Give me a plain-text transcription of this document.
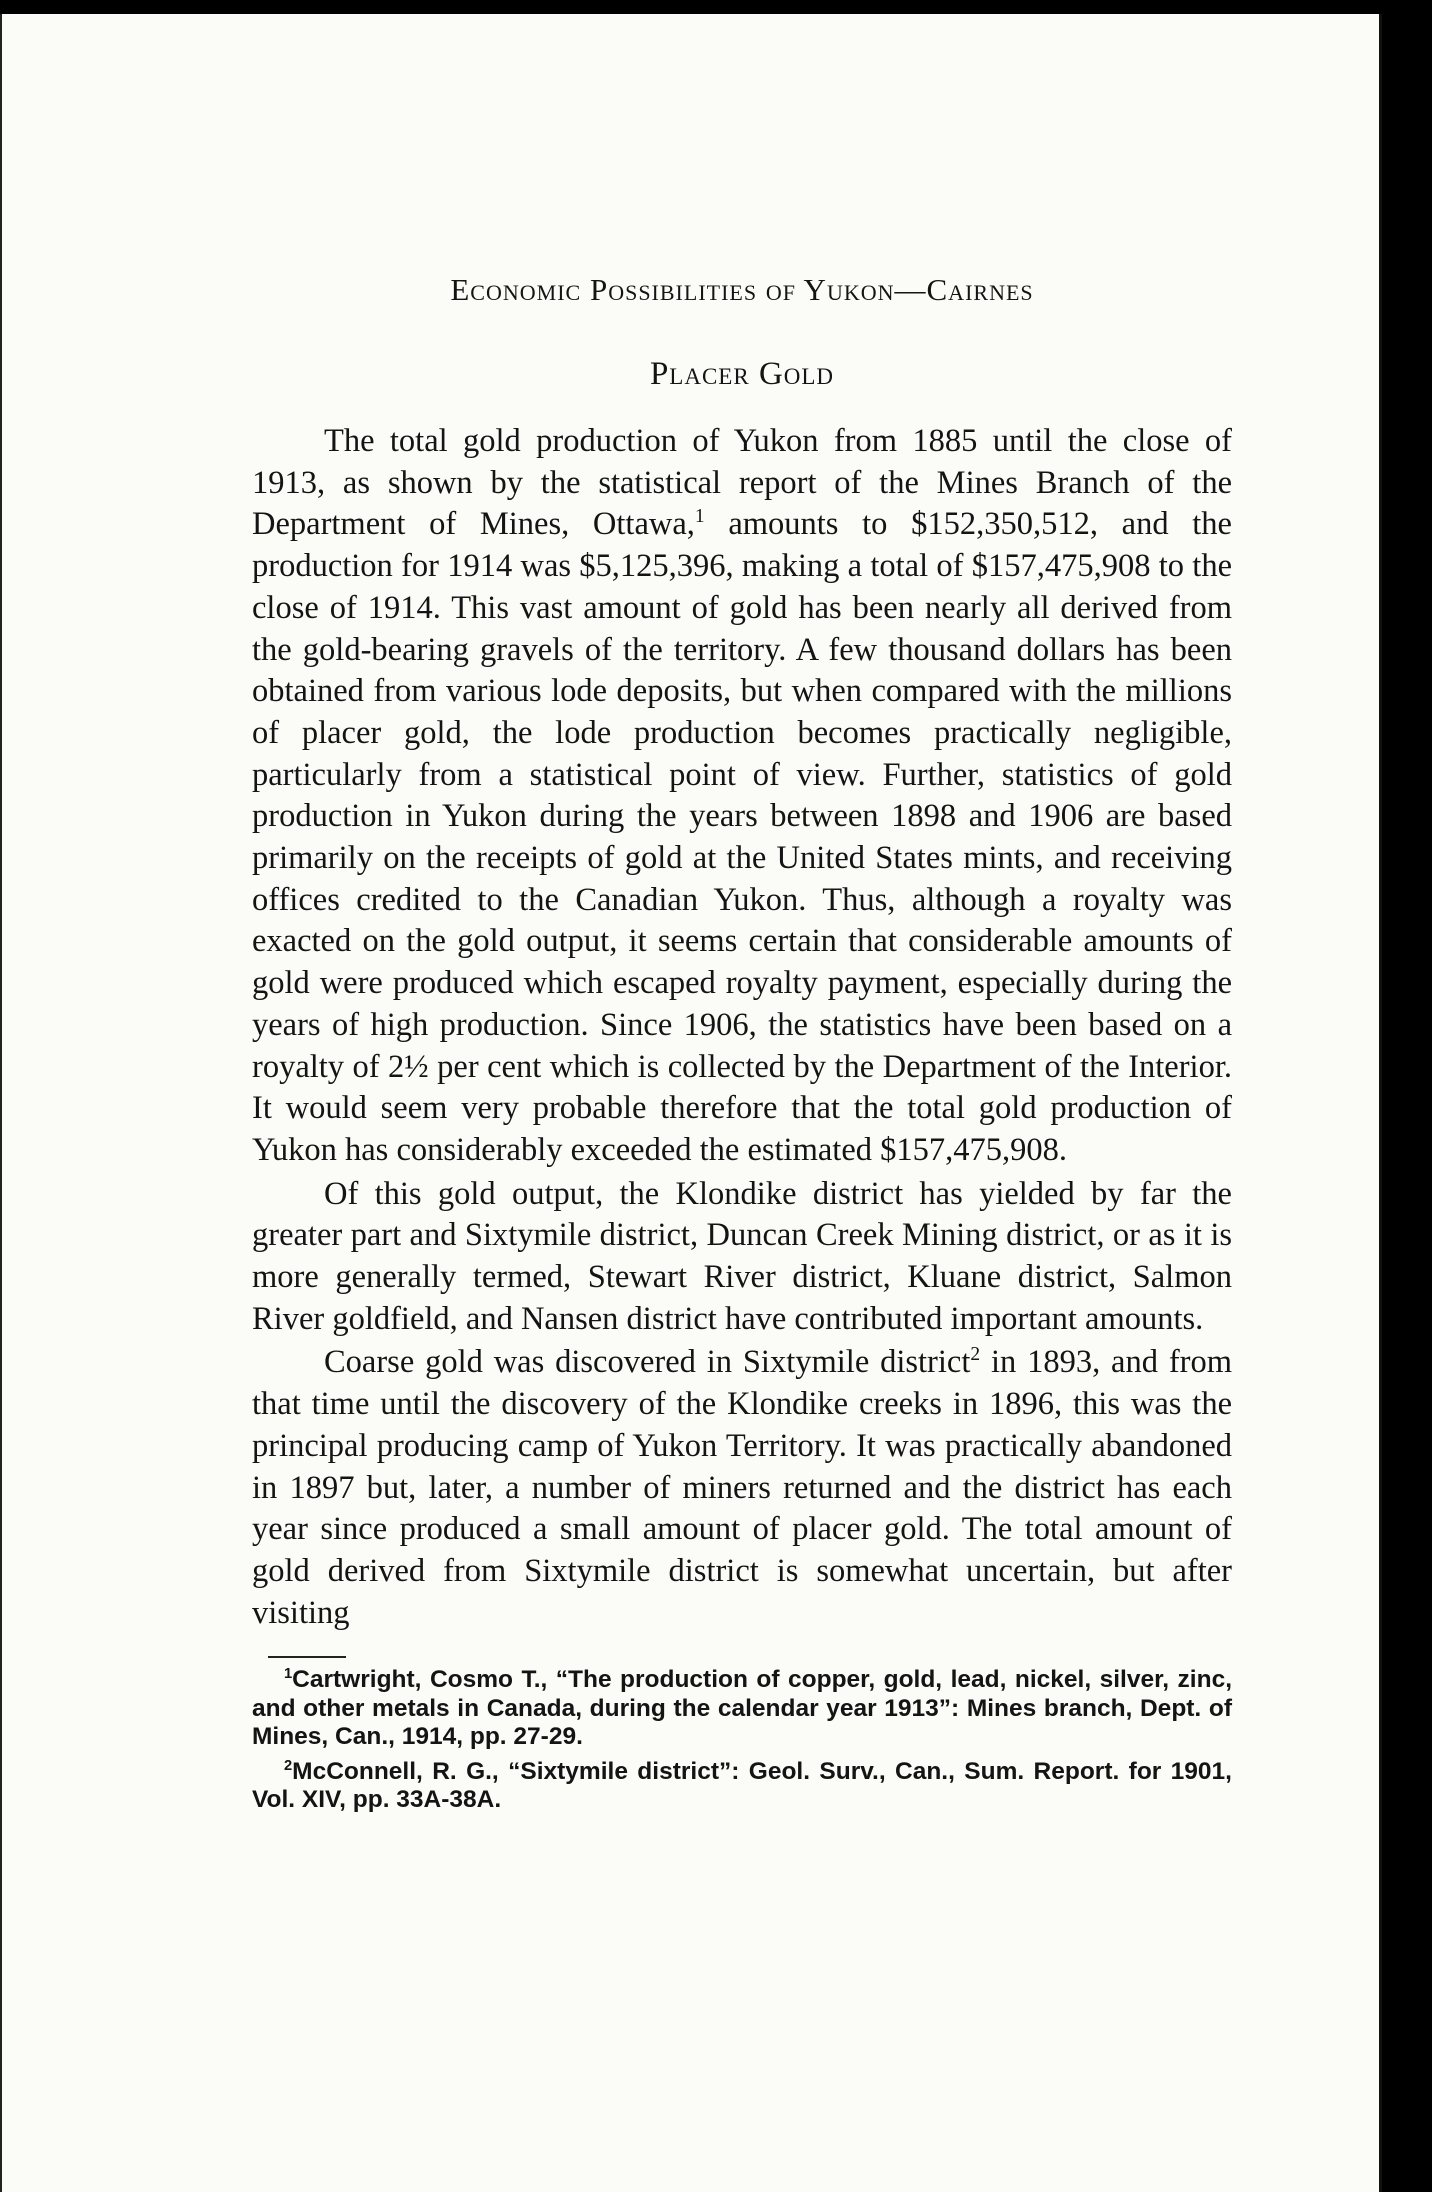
Economic Possibilities of Yukon—Cairnes

Placer Gold

The total gold production of Yukon from 1885 until the close of 1913, as shown by the statistical report of the Mines Branch of the Department of Mines, Ottawa,$^1$ amounts to $152,350,512, and the production for 1914 was $5,125,396, making a total of $157,475,908 to the close of 1914. This vast amount of gold has been nearly all derived from the gold-bearing gravels of the territory. A few thousand dollars has been obtained from various lode deposits, but when compared with the millions of placer gold, the lode production becomes practically negligible, particularly from a statistical point of view. Further, statistics of gold production in Yukon during the years between 1898 and 1906 are based primarily on the receipts of gold at the United States mints, and receiving offices credited to the Canadian Yukon. Thus, although a royalty was exacted on the gold output, it seems certain that considerable amounts of gold were produced which escaped royalty payment, especially during the years of high production. Since 1906, the statistics have been based on a royalty of 2½ per cent which is collected by the Department of the Interior. It would seem very probable therefore that the total gold production of Yukon has considerably exceeded the estimated $157,475,908.

Of this gold output, the Klondike district has yielded by far the greater part and Sixtymile district, Duncan Creek Mining district, or as it is more generally termed, Stewart River district, Kluane district, Salmon River goldfield, and Nansen district have contributed important amounts.

Coarse gold was discovered in Sixtymile district$^2$ in 1893, and from that time until the discovery of the Klondike creeks in 1896, this was the principal producing camp of Yukon Territory. It was practically abandoned in 1897 but, later, a number of miners returned and the district has each year since produced a small amount of placer gold. The total amount of gold derived from Sixtymile district is somewhat uncertain, but after visiting

$^1$Cartwright, Cosmo T., “The production of copper, gold, lead, nickel, silver, zinc, and other metals in Canada, during the calendar year 1913”: Mines branch, Dept. of Mines, Can., 1914, pp. 27-29.

$^2$McConnell, R. G., “Sixtymile district”: Geol. Surv., Can., Sum. Report. for 1901, Vol. XIV, pp. 33A-38A.
